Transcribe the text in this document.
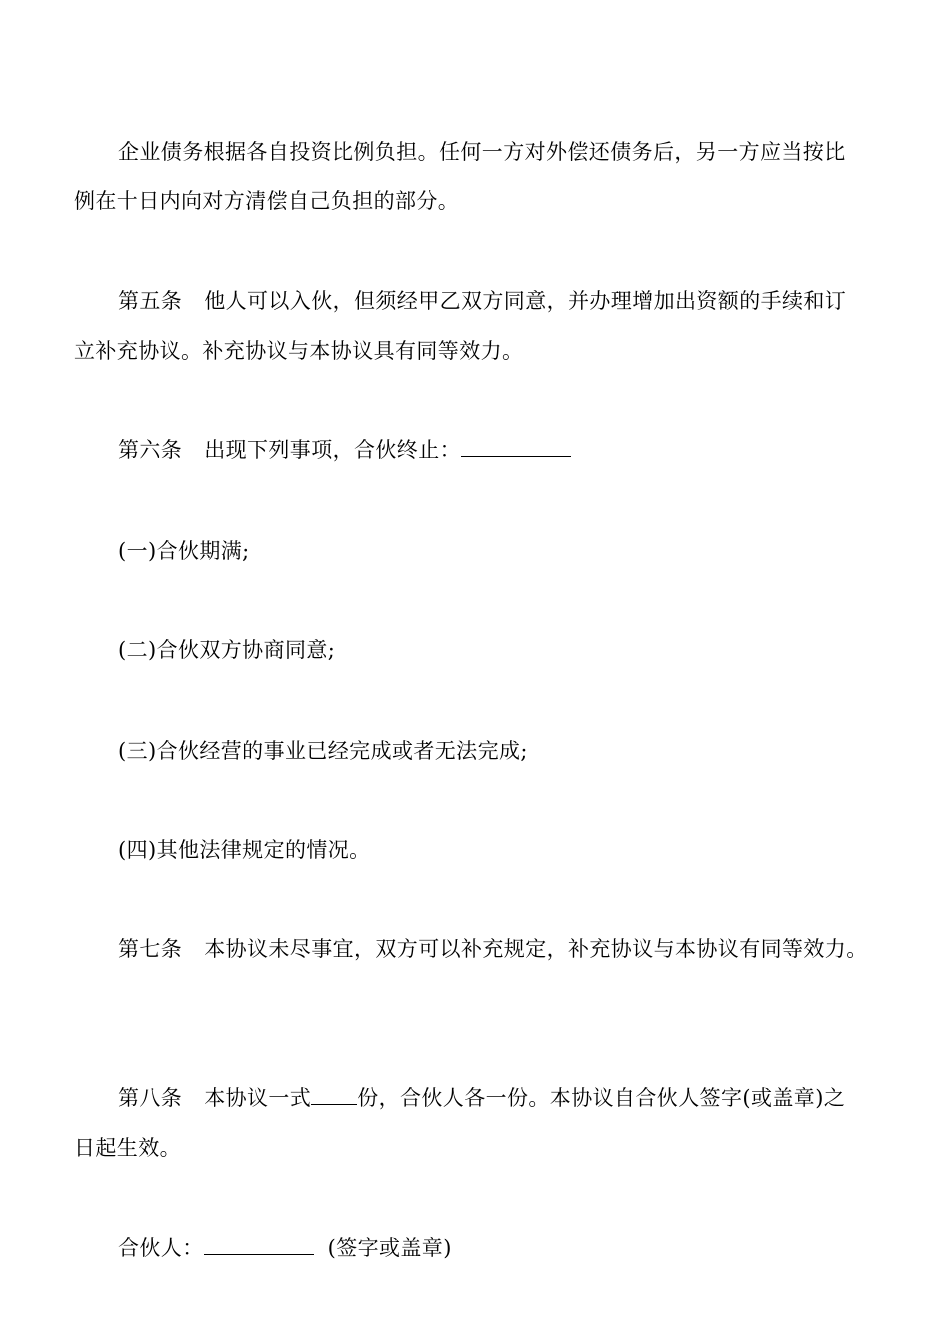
企业债务根据各自投资比例负担。任何一方对外偿还债务后，另一方应当按比
例在十日内向对方清偿自己负担的部分。
第五条 他人可以入伙，但须经甲乙双方同意，并办理增加出资额的手续和订
立补充协议。补充协议与本协议具有同等效力。
第六条 出现下列事项，合伙终止：
(一)合伙期满;
(二)合伙双方协商同意;
(三)合伙经营的事业已经完成或者无法完成;
(四)其他法律规定的情况。
第七条 本协议未尽事宜，双方可以补充规定，补充协议与本协议有同等效力。
第八条 本协议一式 份，合伙人各一份。本协议自合伙人签字(或盖章)之
日起生效。
合伙人：	(签字或盖章)
